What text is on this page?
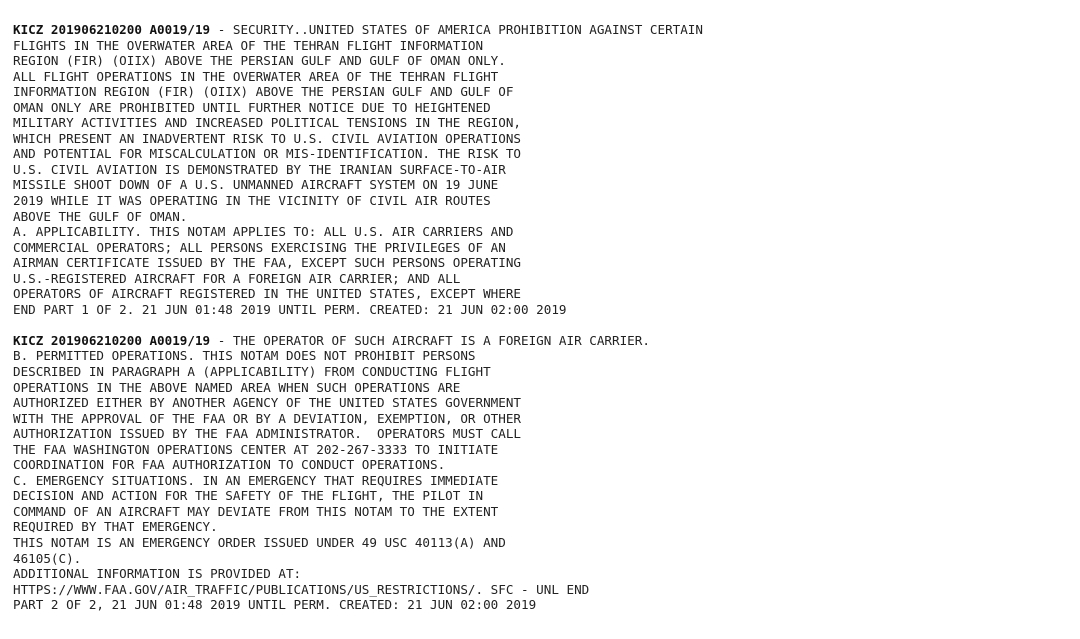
KICZ 201906210200 A0019/19 - SECURITY..UNITED STATES OF AMERICA PROHIBITION AGAINST CERTAIN
FLIGHTS IN THE OVERWATER AREA OF THE TEHRAN FLIGHT INFORMATION
REGION (FIR) (OIIX) ABOVE THE PERSIAN GULF AND GULF OF OMAN ONLY.
ALL FLIGHT OPERATIONS IN THE OVERWATER AREA OF THE TEHRAN FLIGHT
INFORMATION REGION (FIR) (OIIX) ABOVE THE PERSIAN GULF AND GULF OF
OMAN ONLY ARE PROHIBITED UNTIL FURTHER NOTICE DUE TO HEIGHTENED
MILITARY ACTIVITIES AND INCREASED POLITICAL TENSIONS IN THE REGION,
WHICH PRESENT AN INADVERTENT RISK TO U.S. CIVIL AVIATION OPERATIONS
AND POTENTIAL FOR MISCALCULATION OR MIS-IDENTIFICATION. THE RISK TO
U.S. CIVIL AVIATION IS DEMONSTRATED BY THE IRANIAN SURFACE-TO-AIR
MISSILE SHOOT DOWN OF A U.S. UNMANNED AIRCRAFT SYSTEM ON 19 JUNE
2019 WHILE IT WAS OPERATING IN THE VICINITY OF CIVIL AIR ROUTES
ABOVE THE GULF OF OMAN.
A. APPLICABILITY. THIS NOTAM APPLIES TO: ALL U.S. AIR CARRIERS AND
COMMERCIAL OPERATORS; ALL PERSONS EXERCISING THE PRIVILEGES OF AN
AIRMAN CERTIFICATE ISSUED BY THE FAA, EXCEPT SUCH PERSONS OPERATING
U.S.-REGISTERED AIRCRAFT FOR A FOREIGN AIR CARRIER; AND ALL
OPERATORS OF AIRCRAFT REGISTERED IN THE UNITED STATES, EXCEPT WHERE
END PART 1 OF 2. 21 JUN 01:48 2019 UNTIL PERM. CREATED: 21 JUN 02:00 2019
KICZ 201906210200 A0019/19 - THE OPERATOR OF SUCH AIRCRAFT IS A FOREIGN AIR CARRIER.
B. PERMITTED OPERATIONS. THIS NOTAM DOES NOT PROHIBIT PERSONS
DESCRIBED IN PARAGRAPH A (APPLICABILITY) FROM CONDUCTING FLIGHT
OPERATIONS IN THE ABOVE NAMED AREA WHEN SUCH OPERATIONS ARE
AUTHORIZED EITHER BY ANOTHER AGENCY OF THE UNITED STATES GOVERNMENT
WITH THE APPROVAL OF THE FAA OR BY A DEVIATION, EXEMPTION, OR OTHER
AUTHORIZATION ISSUED BY THE FAA ADMINISTRATOR.  OPERATORS MUST CALL
THE FAA WASHINGTON OPERATIONS CENTER AT 202-267-3333 TO INITIATE
COORDINATION FOR FAA AUTHORIZATION TO CONDUCT OPERATIONS.
C. EMERGENCY SITUATIONS. IN AN EMERGENCY THAT REQUIRES IMMEDIATE
DECISION AND ACTION FOR THE SAFETY OF THE FLIGHT, THE PILOT IN
COMMAND OF AN AIRCRAFT MAY DEVIATE FROM THIS NOTAM TO THE EXTENT
REQUIRED BY THAT EMERGENCY.
THIS NOTAM IS AN EMERGENCY ORDER ISSUED UNDER 49 USC 40113(A) AND
46105(C).
ADDITIONAL INFORMATION IS PROVIDED AT:
HTTPS://WWW.FAA.GOV/AIR_TRAFFIC/PUBLICATIONS/US_RESTRICTIONS/. SFC - UNL END
PART 2 OF 2, 21 JUN 01:48 2019 UNTIL PERM. CREATED: 21 JUN 02:00 2019
